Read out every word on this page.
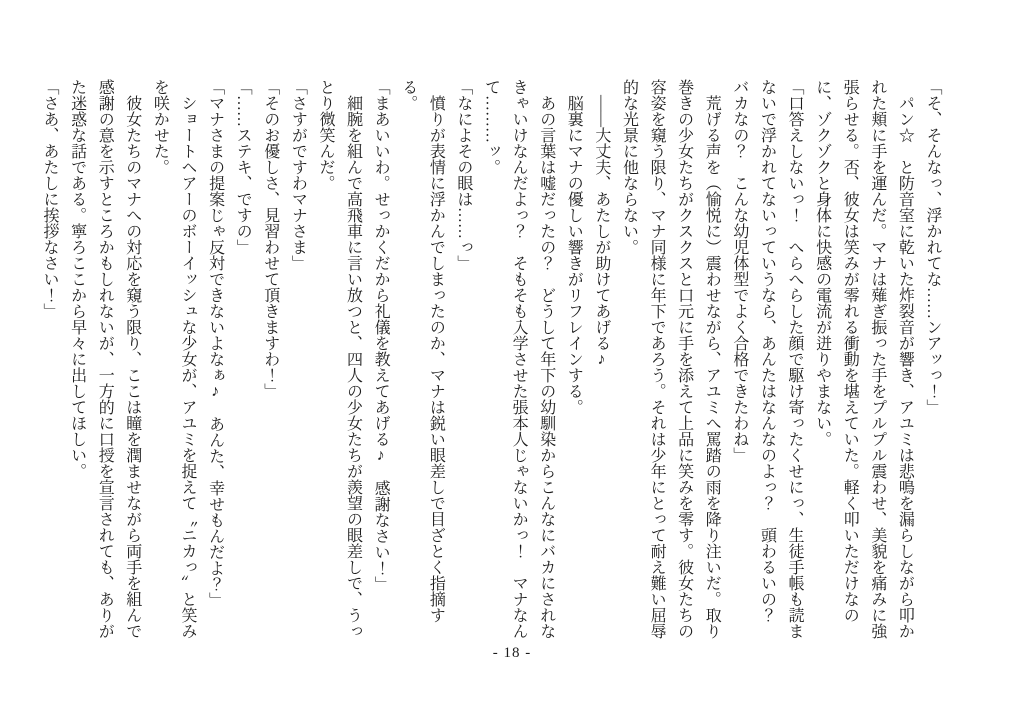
「そ、そんなっ、浮かれてな……ンアッっ！」

パン☆　と防音室に乾いた炸裂音が響き、アユミは悲鳴を漏らしながら叩かれた頬に手を運んだ。マナは薙ぎ振った手をプルプル震わせ、美貌を痛みに強張らせる。否、彼女は笑みが零れる衝動を堪えていた。軽く叩いただけなのに、ゾクゾクと身体に快感の電流が迸りやまない。

「口答えしないっ！　へらへらした顔で駆け寄ったくせにっ、生徒手帳も読まないで浮かれてないっていうなら、あんたはなんなのよっ？　頭わるいの？　バカなの？　こんな幼児体型でよく合格できたわね」

荒げる声を（愉悦に）震わせながら、アユミへ罵踏の雨を降り注いだ。取り巻きの少女たちがクスクスと口元に手を添えて上品に笑みを零す。彼女たちの容姿を窺う限り、マナ同様に年下であろう。それは少年にとって耐え難い屈辱的な光景に他ならない。

——大丈夫、あたしが助けてあげる♪

脳裏にマナの優しい響きがリフレインする。

あの言葉は嘘だったの？　どうして年下の幼馴染からこんなにバカにされなきゃいけなんだよっ？　そもそも入学させた張本人じゃないかっ！　マナなんて………ッ。

「なによその眼は……っ」

憤りが表情に浮かんでしまったのか、マナは鋭い眼差しで目ざとく指摘する。

「まあいいわ。せっかくだから礼儀を教えてあげる♪　感謝なさい！」

細腕を組んで高飛車に言い放つと、四人の少女たちが羨望の眼差しで、うっとり微笑んだ。

「さすがですわマナさま」

「そのお優しさ、見習わせて頂きますわ！」

「……ステキ、ですの」

「マナさまの提案じゃ反対できないよなぁ♪　あんた、幸せもんだよ？」

ショートヘアーのボーイッシュな少女が、アユミを捉えて〝ニカっ〟と笑みを咲かせた。

彼女たちのマナへの対応を窺う限り、ここは瞳を潤ませながら両手を組んで感謝の意を示すところかもしれないが、一方的に口授を宣言されても、ありがた迷惑な話である。寧ろここから早々に出してほしい。

「さあ、あたしに挨拶なさい！」

- 18 -
